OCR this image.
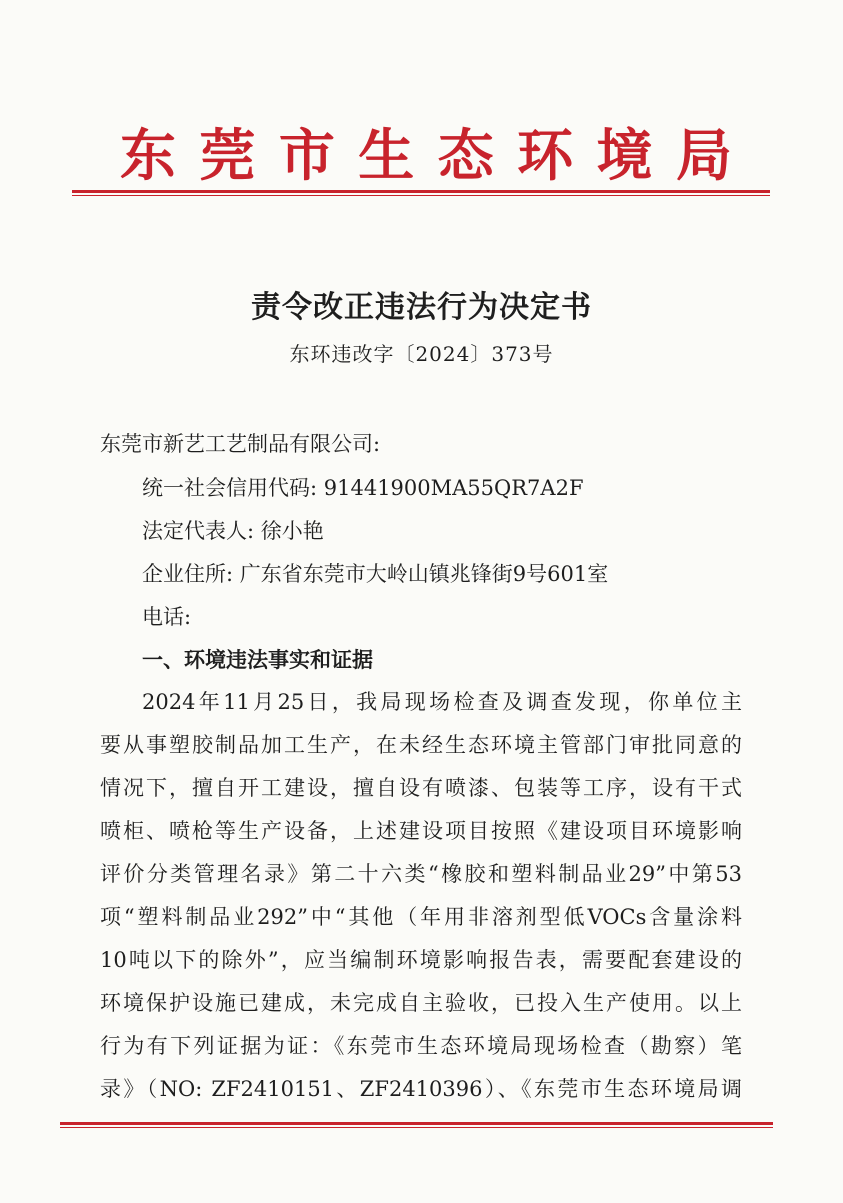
东 莞 市 生 态 环 境 局
责令改正违法行为决定书
东环违改字〔2024〕373号
东莞市新艺工艺制品有限公司:
统一社会信用代码: 91441900MA55QR7A2F
法定代表人: 徐小艳
企业住所: 广东省东莞市大岭山镇兆锋街9号601室
电话:
一、环境违法事实和证据
2024年11月25日，我局现场检查及调查发现，你单位主
要从事塑胶制品加工生产，在未经生态环境主管部门审批同意的
情况下，擅自开工建设，擅自设有喷漆、包装等工序，设有干式
喷柜、喷枪等生产设备，上述建设项目按照《建设项目环境影响
评价分类管理名录》第二十六类“橡胶和塑料制品业29”中第53
项“塑料制品业292”中“其他（年用非溶剂型低VOCs含量涂料
10吨以下的除外”，应当编制环境影响报告表，需要配套建设的
环境保护设施已建成，未完成自主验收，已投入生产使用。以上
行为有下列证据为证：《东莞市生态环境局现场检查（勘察）笔
录》（NO: ZF2410151、ZF2410396）、《东莞市生态环境局调
